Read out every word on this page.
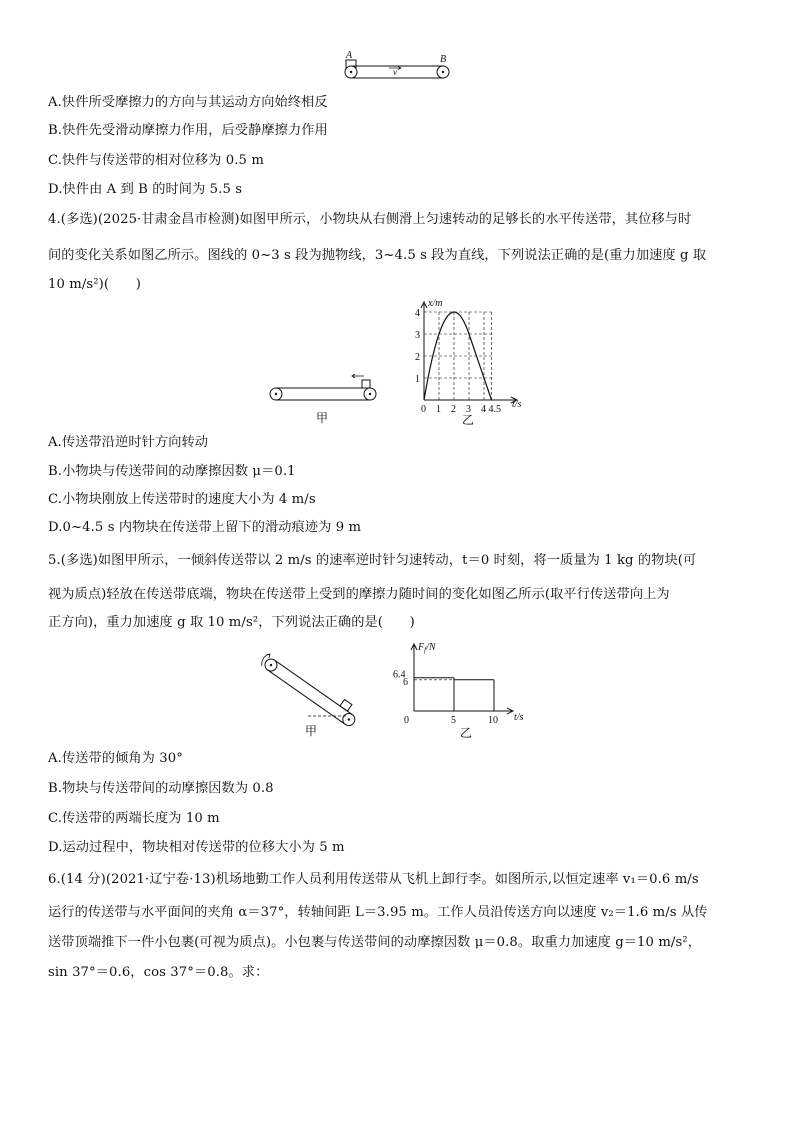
A	B
v
A.快件所受摩擦力的方向与其运动方向始终相反
B.快件先受滑动摩擦力作用，后受静摩擦力作用
C.快件与传送带的相对位移为 0.5 m
D.快件由 A 到 B 的时间为 5.5 s
4.(多选)(2025·甘肃金昌市检测)如图甲所示，小物块从右侧滑上匀速转动的足够长的水平传送带，其位移与时
间的变化关系如图乙所示。图线的 0~3 s 段为抛物线，3~4.5 s 段为直线，下列说法正确的是(重力加速度 g 取
10 m/s²)(　　)
甲
x/m
t/s
0 1 2 3 4 4.5
1
2
3
4
乙
A.传送带沿逆时针方向转动
B.小物块与传送带间的动摩擦因数 μ＝0.1
C.小物块刚放上传送带时的速度大小为 4 m/s
D.0~4.5 s 内物块在传送带上留下的滑动痕迹为 9 m
5.(多选)如图甲所示，一倾斜传送带以 2 m/s 的速率逆时针匀速转动，t＝0 时刻，将一质量为 1 kg 的物块(可
视为质点)轻放在传送带底端，物块在传送带上受到的摩擦力随时间的变化如图乙所示(取平行传送带向上为
正方向)，重力加速度 g 取 10 m/s²，下列说法正确的是(　　)
甲
$F_f/N$
t/s
0	5	10
6
6.4
乙
A.传送带的倾角为 30°
B.物块与传送带间的动摩擦因数为 0.8
C.传送带的两端长度为 10 m
D.运动过程中，物块相对传送带的位移大小为 5 m
6.(14 分)(2021·辽宁卷·13)机场地勤工作人员利用传送带从飞机上卸行李。如图所示,以恒定速率 v₁＝0.6 m/s
运行的传送带与水平面间的夹角 α＝37°，转轴间距 L＝3.95 m。工作人员沿传送方向以速度 v₂＝1.6 m/s 从传
送带顶端推下一件小包裹(可视为质点)。小包裹与传送带间的动摩擦因数 μ＝0.8。取重力加速度 g＝10 m/s²，
sin 37°＝0.6，cos 37°＝0.8。求：
